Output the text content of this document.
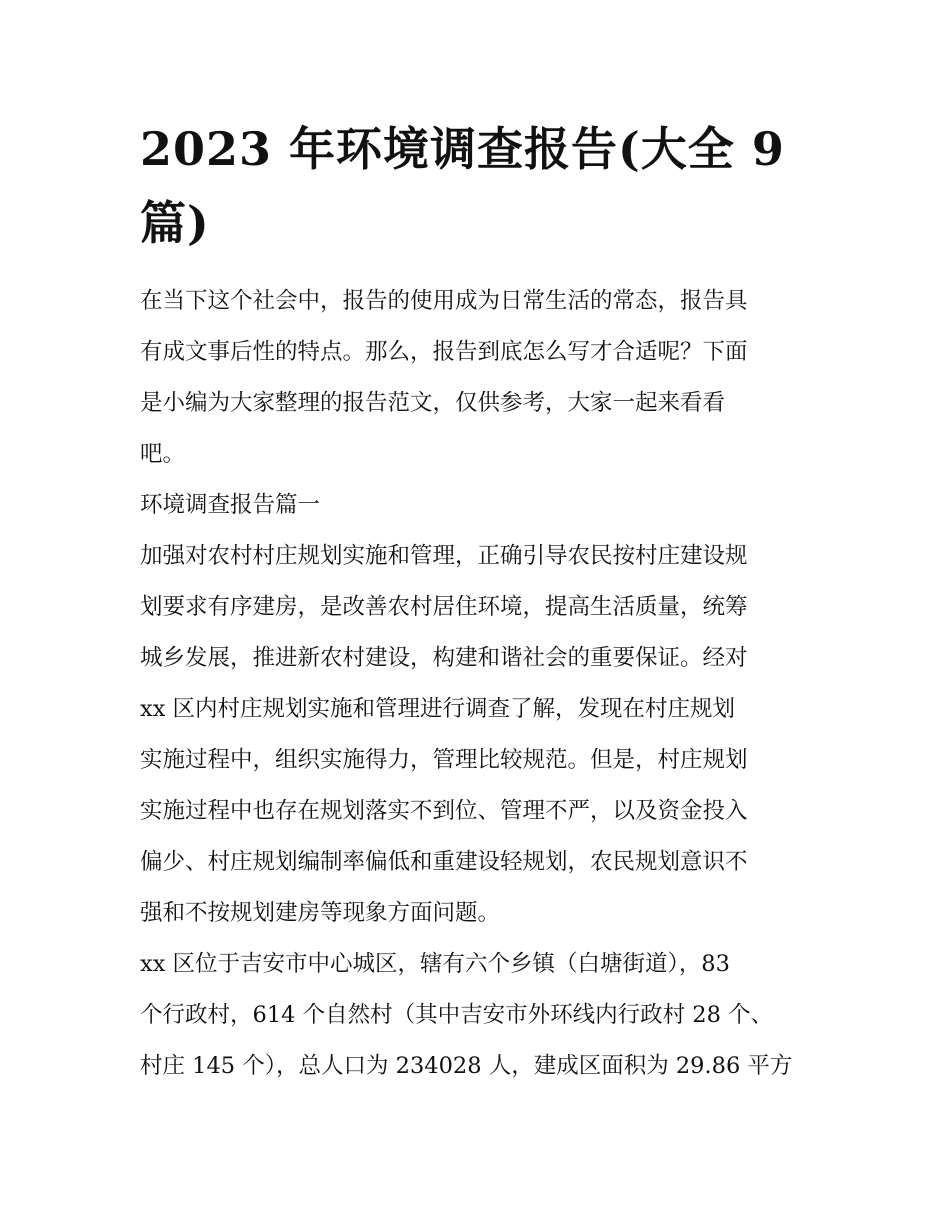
2023 年环境调查报告(大全 9
篇)
在当下这个社会中，报告的使用成为日常生活的常态，报告具
有成文事后性的特点。那么，报告到底怎么写才合适呢？下面
是小编为大家整理的报告范文，仅供参考，大家一起来看看
吧。
环境调查报告篇一
加强对农村村庄规划实施和管理，正确引导农民按村庄建设规
划要求有序建房，是改善农村居住环境，提高生活质量，统筹
城乡发展，推进新农村建设，构建和谐社会的重要保证。经对
xx 区内村庄规划实施和管理进行调查了解，发现在村庄规划
实施过程中，组织实施得力，管理比较规范。但是，村庄规划
实施过程中也存在规划落实不到位、管理不严，以及资金投入
偏少、村庄规划编制率偏低和重建设轻规划，农民规划意识不
强和不按规划建房等现象方面问题。
xx 区位于吉安市中心城区，辖有六个乡镇（白塘街道），83
个行政村，614 个自然村（其中吉安市外环线内行政村 28 个、
村庄 145 个），总人口为 234028 人，建成区面积为 29.86 平方
